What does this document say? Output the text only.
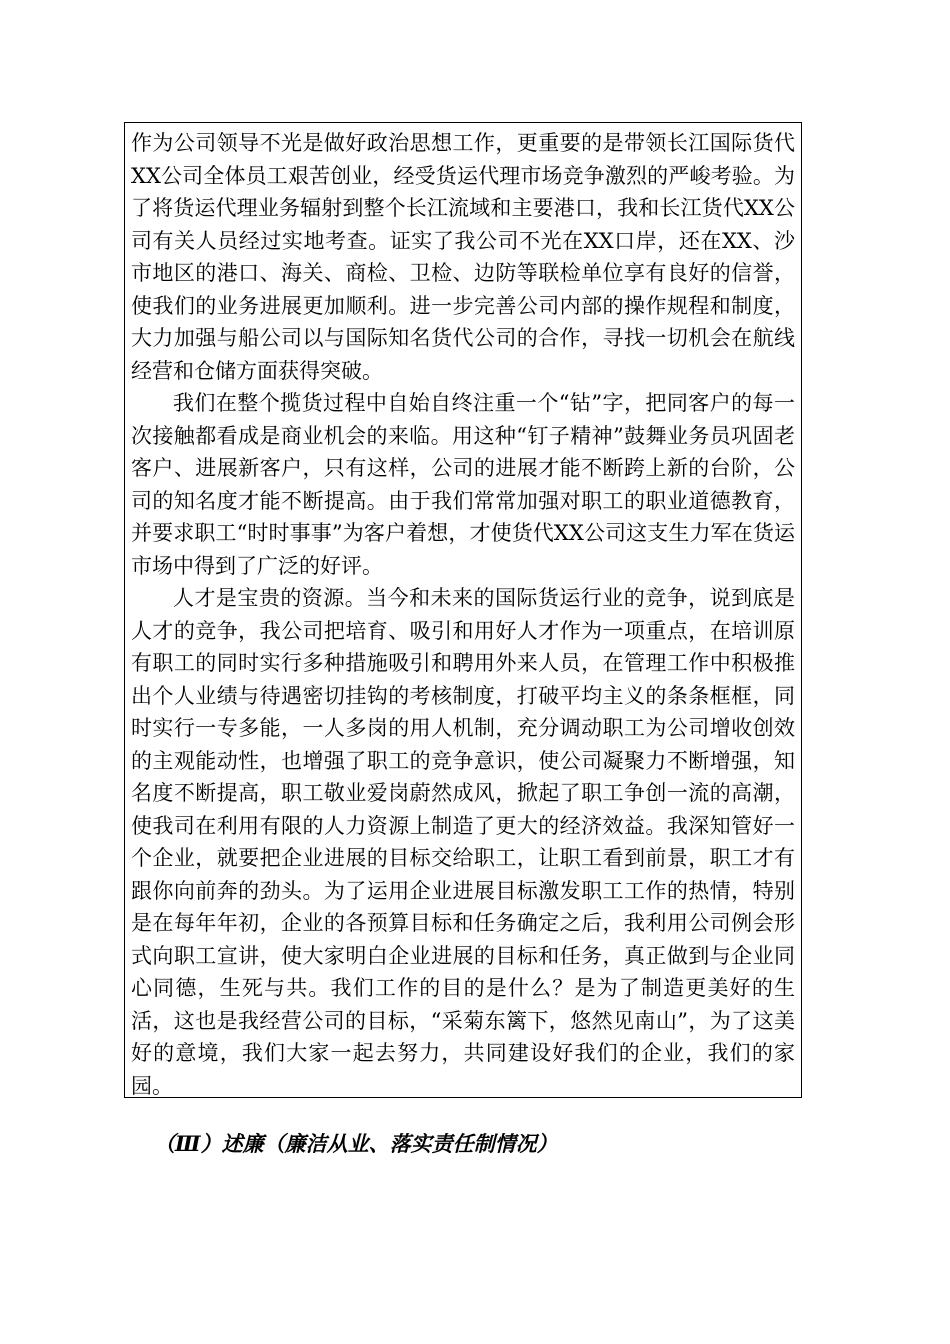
作为公司领导不光是做好政治思想工作，更重要的是带领长江国际货代XX公司全体员工艰苦创业，经受货运代理市场竞争激烈的严峻考验。为了将货运代理业务辐射到整个长江流域和主要港口，我和长江货代XX公司有关人员经过实地考查。证实了我公司不光在XX口岸，还在XX、沙市地区的港口、海关、商检、卫检、边防等联检单位享有良好的信誉，使我们的业务进展更加顺利。进一步完善公司内部的操作规程和制度，大力加强与船公司以与国际知名货代公司的合作，寻找一切机会在航线经营和仓储方面获得突破。

我们在整个揽货过程中自始自终注重一个“钻”字，把同客户的每一次接触都看成是商业机会的来临。用这种“钉子精神”鼓舞业务员巩固老客户、进展新客户，只有这样，公司的进展才能不断跨上新的台阶，公司的知名度才能不断提高。由于我们常常加强对职工的职业道德教育，并要求职工“时时事事”为客户着想，才使货代XX公司这支生力军在货运市场中得到了广泛的好评。

人才是宝贵的资源。当今和未来的国际货运行业的竞争，说到底是人才的竞争，我公司把培育、吸引和用好人才作为一项重点，在培训原有职工的同时实行多种措施吸引和聘用外来人员，在管理工作中积极推出个人业绩与待遇密切挂钩的考核制度，打破平均主义的条条框框，同时实行一专多能，一人多岗的用人机制，充分调动职工为公司增收创效的主观能动性，也增强了职工的竞争意识，使公司凝聚力不断增强，知名度不断提高，职工敬业爱岗蔚然成风，掀起了职工争创一流的高潮，使我司在利用有限的人力资源上制造了更大的经济效益。我深知管好一个企业，就要把企业进展的目标交给职工，让职工看到前景，职工才有跟你向前奔的劲头。为了运用企业进展目标激发职工工作的热情，特别是在每年年初，企业的各预算目标和任务确定之后，我利用公司例会形式向职工宣讲，使大家明白企业进展的目标和任务，真正做到与企业同心同德，生死与共。我们工作的目的是什么？是为了制造更美好的生活，这也是我经营公司的目标，“采菊东篱下，悠然见南山”，为了这美好的意境，我们大家一起去努力，共同建设好我们的企业，我们的家园。

（Ⅲ）述廉（廉洁从业、落实责任制情况）
